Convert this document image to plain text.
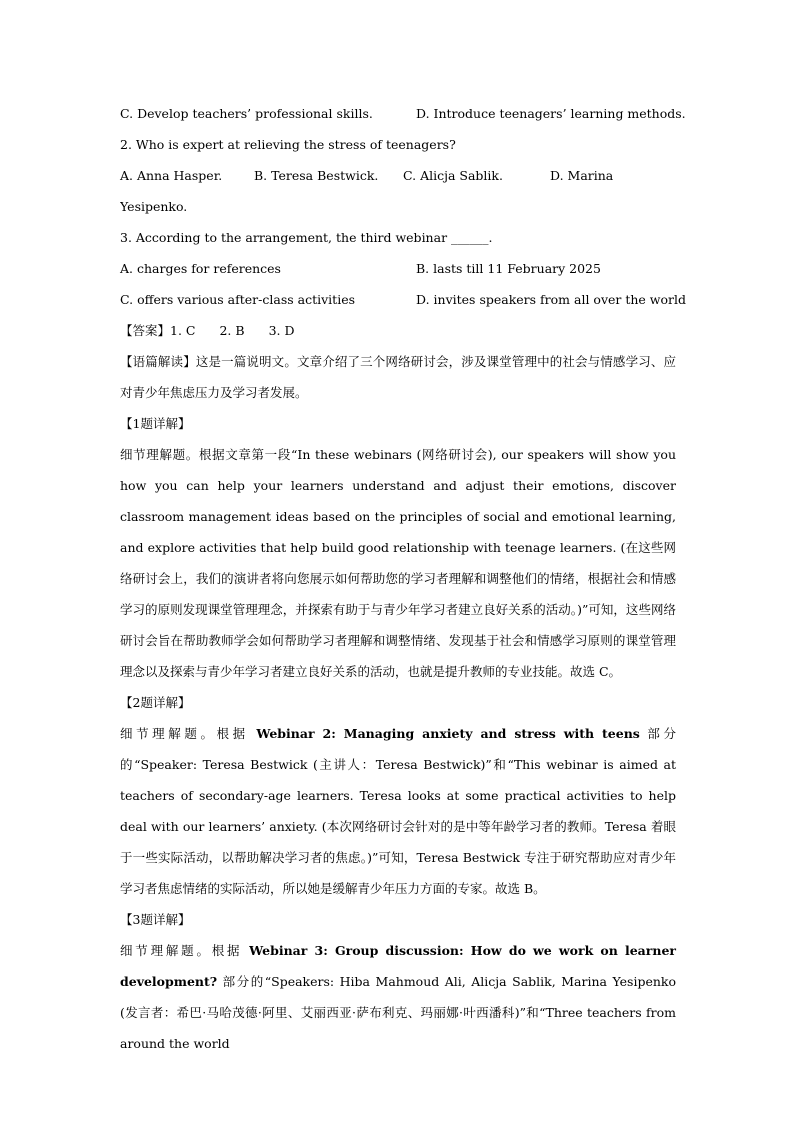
C. Develop teachers’ professional skills.	D. Introduce teenagers’ learning methods.
2. Who is expert at relieving the stress of teenagers?
A. Anna Hasper.	B. Teresa Bestwick. C. Alicja Sablik.	D. Marina
Yesipenko.
3. According to the arrangement, the third webinar ______.
A. charges for references	B. lasts till 11 February 2025
C. offers various after-class activities	D. invites speakers from all over the world
【答案】1. C 2. B 3. D

【语篇解读】这是一篇说明文。文章介绍了三个网络研讨会，涉及课堂管理中的社会与情感学习、应对青少年焦虑压力及学习者发展。

【1题详解】

细节理解题。根据文章第一段“In these webinars (网络研讨会), our speakers will show you how you can help your learners understand and adjust their emotions, discover classroom management ideas based on the principles of social and emotional learning, and explore activities that help build good relationship with teenage learners. (在这些网络研讨会上，我们的演讲者将向您展示如何帮助您的学习者理解和调整他们的情绪，根据社会和情感学习的原则发现课堂管理理念，并探索有助于与青少年学习者建立良好关系的活动。)”可知，这些网络研讨会旨在帮助教师学会如何帮助学习者理解和调整情绪、发现基于社会和情感学习原则的课堂管理理念以及探索与青少年学习者建立良好关系的活动，也就是提升教师的专业技能。故选 C。

【2题详解】

细节理解题。根据 Webinar 2: Managing anxiety and stress with teens 部分的“Speaker: Teresa Bestwick (主讲人：Teresa Bestwick)”和“This webinar is aimed at teachers of secondary-age learners. Teresa looks at some practical activities to help deal with our learners’ anxiety. (本次网络研讨会针对的是中等年龄学习者的教师。Teresa 着眼于一些实际活动，以帮助解决学习者的焦虑。)”可知，Teresa Bestwick 专注于研究帮助应对青少年学习者焦虑情绪的实际活动，所以她是缓解青少年压力方面的专家。故选 B。

【3题详解】

细节理解题。根据 Webinar 3: Group discussion: How do we work on learner development? 部分的“Speakers: Hiba Mahmoud Ali, Alicja Sablik, Marina Yesipenko (发言者：希巴·马哈茂德·阿里、艾丽西亚·萨布利克、玛丽娜·叶西潘科)”和“Three teachers from around the world
